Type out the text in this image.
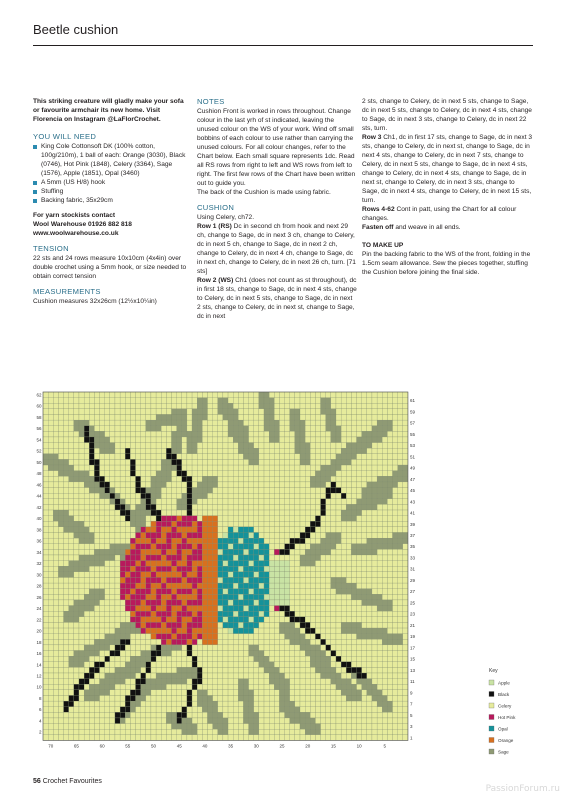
Beetle cushion

This striking creature will gladly make your sofa or favourite armchair its new home. Visit Florencia on Instagram @LaFlorCrochet.

YOU WILL NEED

King Cole Cottonsoft DK (100% cotton, 100g/210m), 1 ball of each: Orange (3030), Black (0746), Hot Pink (1848), Celery (3364), Sage (1576), Apple (1851), Opal (3460)
A 5mm (US H/8) hook
Stuffing
Backing fabric, 35x29cm

For yarn stockists contact

Wool Warehouse 01926 882 818

www.woolwarehouse.co.uk

TENSION

22 sts and 24 rows measure 10x10cm (4x4in) over double crochet using a 5mm hook, or size needed to obtain correct tension

MEASUREMENTS

Cushion measures 32x26cm (12½x10¼in)

NOTES

Cushion Front is worked in rows throughout. Change colour in the last yrh of st indicated, leaving the unused colour on the WS of your work. Wind off small bobbins of each colour to use rather than carrying the unused colours. For all colour changes, refer to the Chart below. Each small square represents 1dc. Read all RS rows from right to left and WS rows from left to right. The first few rows of the Chart have been written out to guide you.

The back of the Cushion is made using fabric.

CUSHION

Using Celery, ch72.

Row 1 (RS) Dc in second ch from hook and next 29 ch, change to Sage, dc in next 3 ch, change to Celery, dc in next 5 ch, change to Sage, dc in next 2 ch, change to Celery, dc in next 4 ch, change to Sage, dc in next ch, change to Celery, dc in next 26 ch, turn. [71 sts]

Row 2 (WS) Ch1 (does not count as st throughout), dc in first 18 sts, change to Sage, dc in next 4 sts, change to Celery, dc in next 5 sts, change to Sage, dc in next 2 sts, change to Celery, dc in next st, change to Sage, dc in next

2 sts, change to Celery, dc in next 5 sts, change to Sage, dc in next 5 sts, change to Celery, dc in next 4 sts, change to Sage, dc in next 3 sts, change to Celery, dc in next 22 sts, turn.

Row 3 Ch1, dc in first 17 sts, change to Sage, dc in next 3 sts, change to Celery, dc in next st, change to Sage, dc in next 4 sts, change to Celery, dc in next 7 sts, change to Celery, dc in next 5 sts, change to Sage, dc in next 4 sts, change to Celery, dc in next 4 sts, change to Sage, dc in next st, change to Celery, dc in next 3 sts, change to Sage, dc in next 4 sts, change to Celery, dc in next 15 sts, turn.

Rows 4-62 Cont in patt, using the Chart for all colour changes.

Fasten off and weave in all ends.

TO MAKE UP

Pin the backing fabric to the WS of the front, folding in the 1.5cm seam allowance. Sew the pieces together, stuffing the Cushion before joining the final side.

70	65	60	55	50	45	40	35	30	25	20	15	10	5
62
60
58
56
54
52
50
48
46
44
42
40
38
36
34
32
30
28
26
24
22
20
18
16
14
12
10
8
6
4
2
61
59
57
55
53
51
49
47
45
43
41
39
37
35
33
31
29
27
25
23
21
19
17
15
13
11
9
7
5
3
1
Key
Apple
Black
Celery
Hot Pink
Opal
Orange
Sage
56 Crochet Favourites
PassionForum.ru
